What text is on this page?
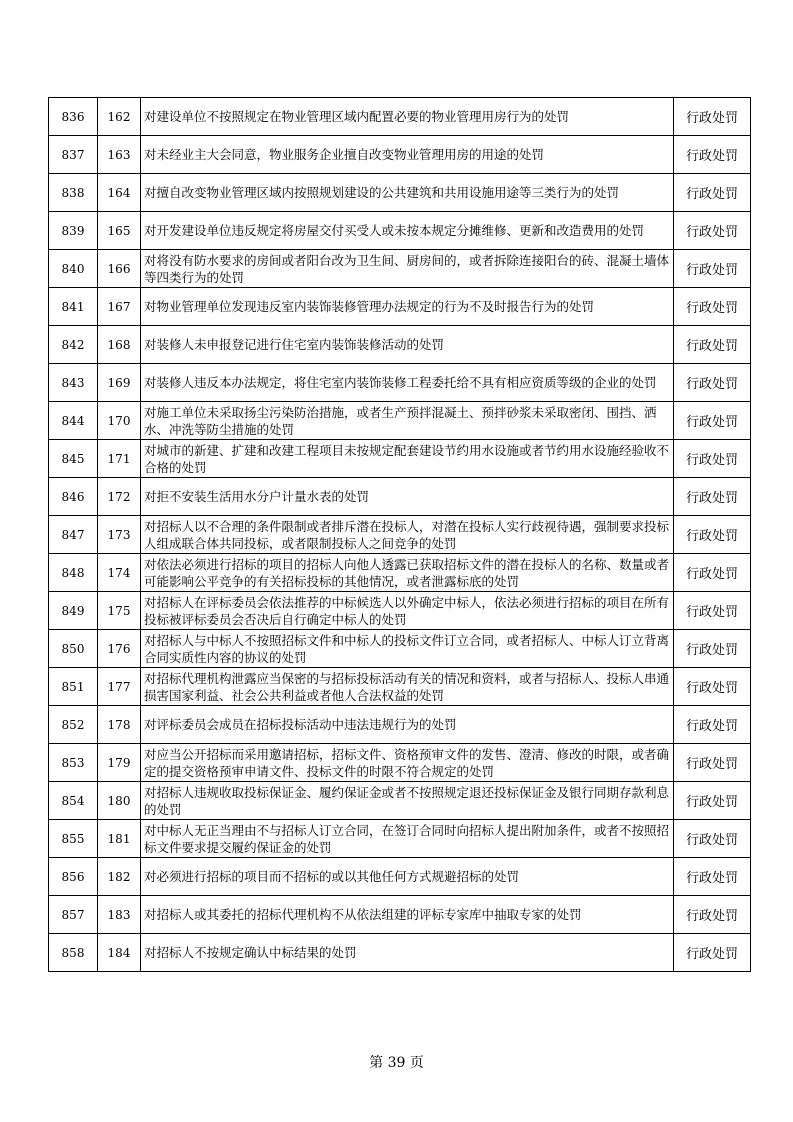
836	162	对建设单位不按照规定在物业管理区域内配置必要的物业管理用房行为的处罚	行政处罚
837	163	对未经业主大会同意，物业服务企业擅自改变物业管理用房的用途的处罚	行政处罚
838	164	对擅自改变物业管理区域内按照规划建设的公共建筑和共用设施用途等三类行为的处罚	行政处罚
839	165	对开发建设单位违反规定将房屋交付买受人或未按本规定分摊维修、更新和改造费用的处罚	行政处罚
840	166	对将没有防水要求的房间或者阳台改为卫生间、厨房间的，或者拆除连接阳台的砖、混凝土墙体等四类行为的处罚	行政处罚
841	167	对物业管理单位发现违反室内装饰装修管理办法规定的行为不及时报告行为的处罚	行政处罚
842	168	对装修人未申报登记进行住宅室内装饰装修活动的处罚	行政处罚
843	169	对装修人违反本办法规定，将住宅室内装饰装修工程委托给不具有相应资质等级的企业的处罚	行政处罚
844	170	对施工单位未采取扬尘污染防治措施，或者生产预拌混凝土、预拌砂浆未采取密闭、围挡、洒水、冲洗等防尘措施的处罚	行政处罚
845	171	对城市的新建、扩建和改建工程项目未按规定配套建设节约用水设施或者节约用水设施经验收不合格的处罚	行政处罚
846	172	对拒不安装生活用水分户计量水表的处罚	行政处罚
847	173	对招标人以不合理的条件限制或者排斥潜在投标人，对潜在投标人实行歧视待遇，强制要求投标人组成联合体共同投标，或者限制投标人之间竞争的处罚	行政处罚
848	174	对依法必须进行招标的项目的招标人向他人透露已获取招标文件的潜在投标人的名称、数量或者可能影响公平竞争的有关招标投标的其他情况，或者泄露标底的处罚	行政处罚
849	175	对招标人在评标委员会依法推荐的中标候选人以外确定中标人，依法必须进行招标的项目在所有投标被评标委员会否决后自行确定中标人的处罚	行政处罚
850	176	对招标人与中标人不按照招标文件和中标人的投标文件订立合同，或者招标人、中标人订立背离合同实质性内容的协议的处罚	行政处罚
851	177	对招标代理机构泄露应当保密的与招标投标活动有关的情况和资料，或者与招标人、投标人串通损害国家利益、社会公共利益或者他人合法权益的处罚	行政处罚
852	178	对评标委员会成员在招标投标活动中违法违规行为的处罚	行政处罚
853	179	对应当公开招标而采用邀请招标，招标文件、资格预审文件的发售、澄清、修改的时限，或者确定的提交资格预审申请文件、投标文件的时限不符合规定的处罚	行政处罚
854	180	对招标人违规收取投标保证金、履约保证金或者不按照规定退还投标保证金及银行同期存款利息的处罚	行政处罚
855	181	对中标人无正当理由不与招标人订立合同，在签订合同时向招标人提出附加条件，或者不按照招标文件要求提交履约保证金的处罚	行政处罚
856	182	对必须进行招标的项目而不招标的或以其他任何方式规避招标的处罚	行政处罚
857	183	对招标人或其委托的招标代理机构不从依法组建的评标专家库中抽取专家的处罚	行政处罚
858	184	对招标人不按规定确认中标结果的处罚	行政处罚
第 39 页
